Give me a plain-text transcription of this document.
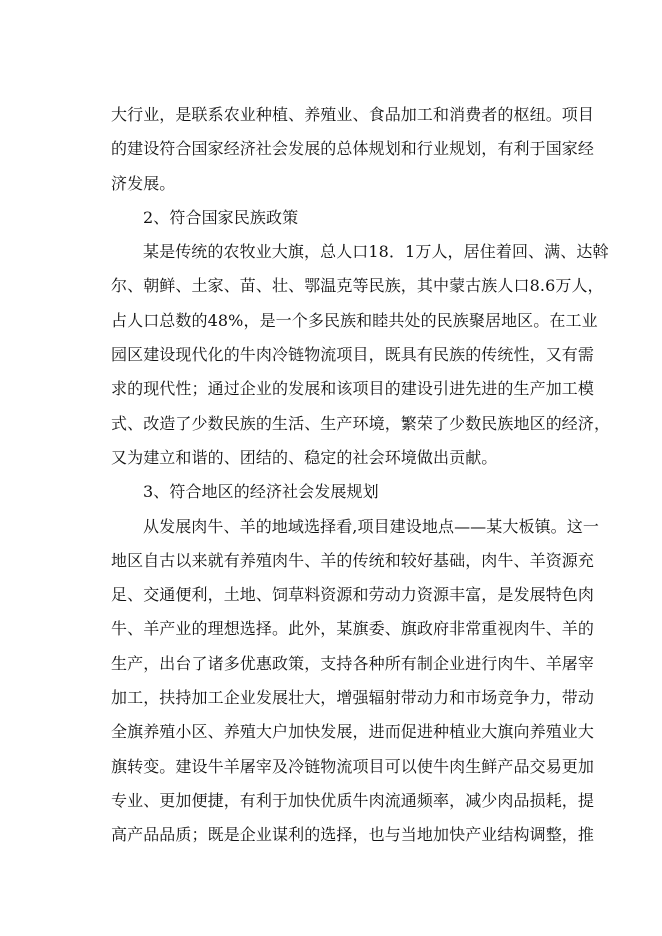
大行业，是联系农业种植、养殖业、食品加工和消费者的枢纽。项目
的建设符合国家经济社会发展的总体规划和行业规划，有利于国家经
济发展。
2、符合国家民族政策
某是传统的农牧业大旗，总人口18．1万人，居住着回、满、达斡
尔、朝鲜、土家、苗、壮、鄂温克等民族，其中蒙古族人口8.6万人，
占人口总数的48%，是一个多民族和睦共处的民族聚居地区。在工业
园区建设现代化的牛肉冷链物流项目，既具有民族的传统性，又有需
求的现代性；通过企业的发展和该项目的建设引进先进的生产加工模
式、改造了少数民族的生活、生产环境，繁荣了少数民族地区的经济，
又为建立和谐的、团结的、稳定的社会环境做出贡献。
3、符合地区的经济社会发展规划
从发展肉牛、羊的地域选择看,项目建设地点——某大板镇。这一
地区自古以来就有养殖肉牛、羊的传统和较好基础，肉牛、羊资源充
足、交通便利，土地、饲草料资源和劳动力资源丰富，是发展特色肉
牛、羊产业的理想选择。此外，某旗委、旗政府非常重视肉牛、羊的
生产，出台了诸多优惠政策，支持各种所有制企业进行肉牛、羊屠宰
加工，扶持加工企业发展壮大，增强辐射带动力和市场竞争力，带动
全旗养殖小区、养殖大户加快发展，进而促进种植业大旗向养殖业大
旗转变。建设牛羊屠宰及冷链物流项目可以使牛肉生鲜产品交易更加
专业、更加便捷，有利于加快优质牛肉流通频率，减少肉品损耗，提
高产品品质；既是企业谋利的选择，也与当地加快产业结构调整，推
